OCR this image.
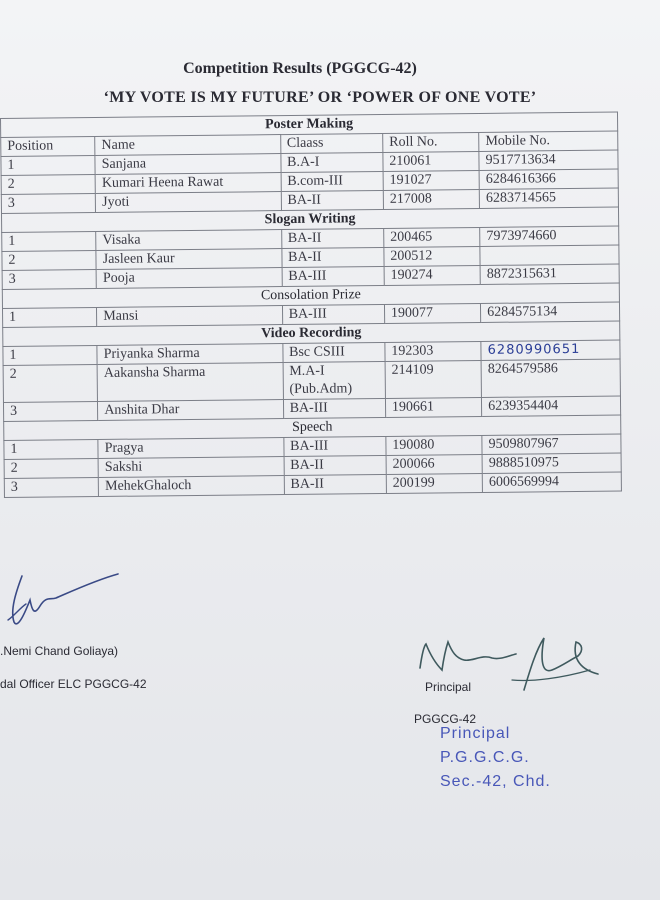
Competition Results (PGGCG-42)
‘MY VOTE IS MY FUTURE’ OR ‘POWER OF ONE VOTE’
Poster Making				
Position	Name	Claass	Roll No.	Mobile No.
1	Sanjana	B.A-I	210061	9517713634
2	Kumari Heena Rawat	B.com-III	191027	6284616366
3	Jyoti	BA-II	217008	6283714565
Slogan Writing				
1	Visaka	BA-II	200465	7973974660
2	Jasleen Kaur	BA-II	200512	
3	Pooja	BA-III	190274	8872315631
Consolation Prize				
1	Mansi	BA-III	190077	6284575134
Video Recording				
1	Priyanka Sharma	Bsc CSIII	192303	6280990651
2	Aakansha Sharma	M.A-I (Pub.Adm)	214109	8264579586
3	Anshita Dhar	BA-III	190661	6239354404
Speech				
1	Pragya	BA-III	190080	9509807967
2	Sakshi	BA-II	200066	9888510975
3	MehekGhaloch	BA-II	200199	6006569994
.Nemi Chand Goliaya)
dal Officer ELC PGGCG-42	Principal
PGGCG-42
Principal
P.G.G.C.G.
Sec.-42, Chd.
